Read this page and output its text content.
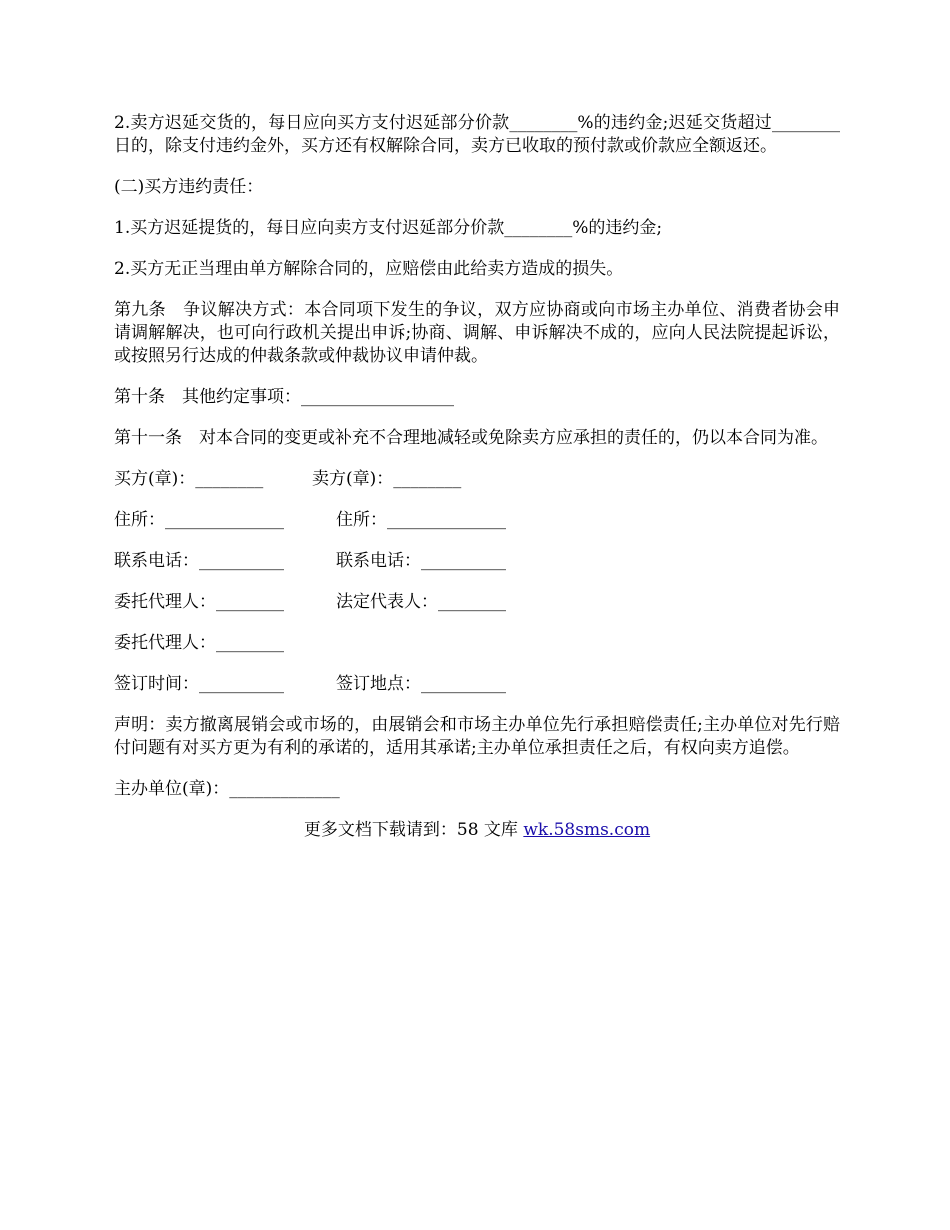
2.卖方迟延交货的，每日应向买方支付迟延部分价款________%的违约金;迟延交货超过________日的，除支付违约金外，买方还有权解除合同，卖方已收取的预付款或价款应全额返还。

(二)买方违约责任：

1.买方迟延提货的，每日应向卖方支付迟延部分价款________%的违约金;

2.买方无正当理由单方解除合同的，应赔偿由此给卖方造成的损失。

第九条　争议解决方式：本合同项下发生的争议，双方应协商或向市场主办单位、消费者协会申请调解解决，也可向行政机关提出申诉;协商、调解、申诉解决不成的，应向人民法院提起诉讼，或按照另行达成的仲裁条款或仲裁协议申请仲裁。

第十条　其他约定事项：__________________

第十一条　对本合同的变更或补充不合理地减轻或免除卖方应承担的责任的，仍以本合同为准。

买方(章)：________	卖方(章)：________
住所：______________	住所：______________
联系电话：__________	联系电话：__________
委托代理人：________	法定代表人：________
委托代理人：________
签订时间：__________	签订地点：__________

声明：卖方撤离展销会或市场的，由展销会和市场主办单位先行承担赔偿责任;主办单位对先行赔付问题有对买方更为有利的承诺的，适用其承诺;主办单位承担责任之后，有权向卖方追偿。

主办单位(章)：_____________

更多文档下载请到：58 文库 wk.58sms.com
